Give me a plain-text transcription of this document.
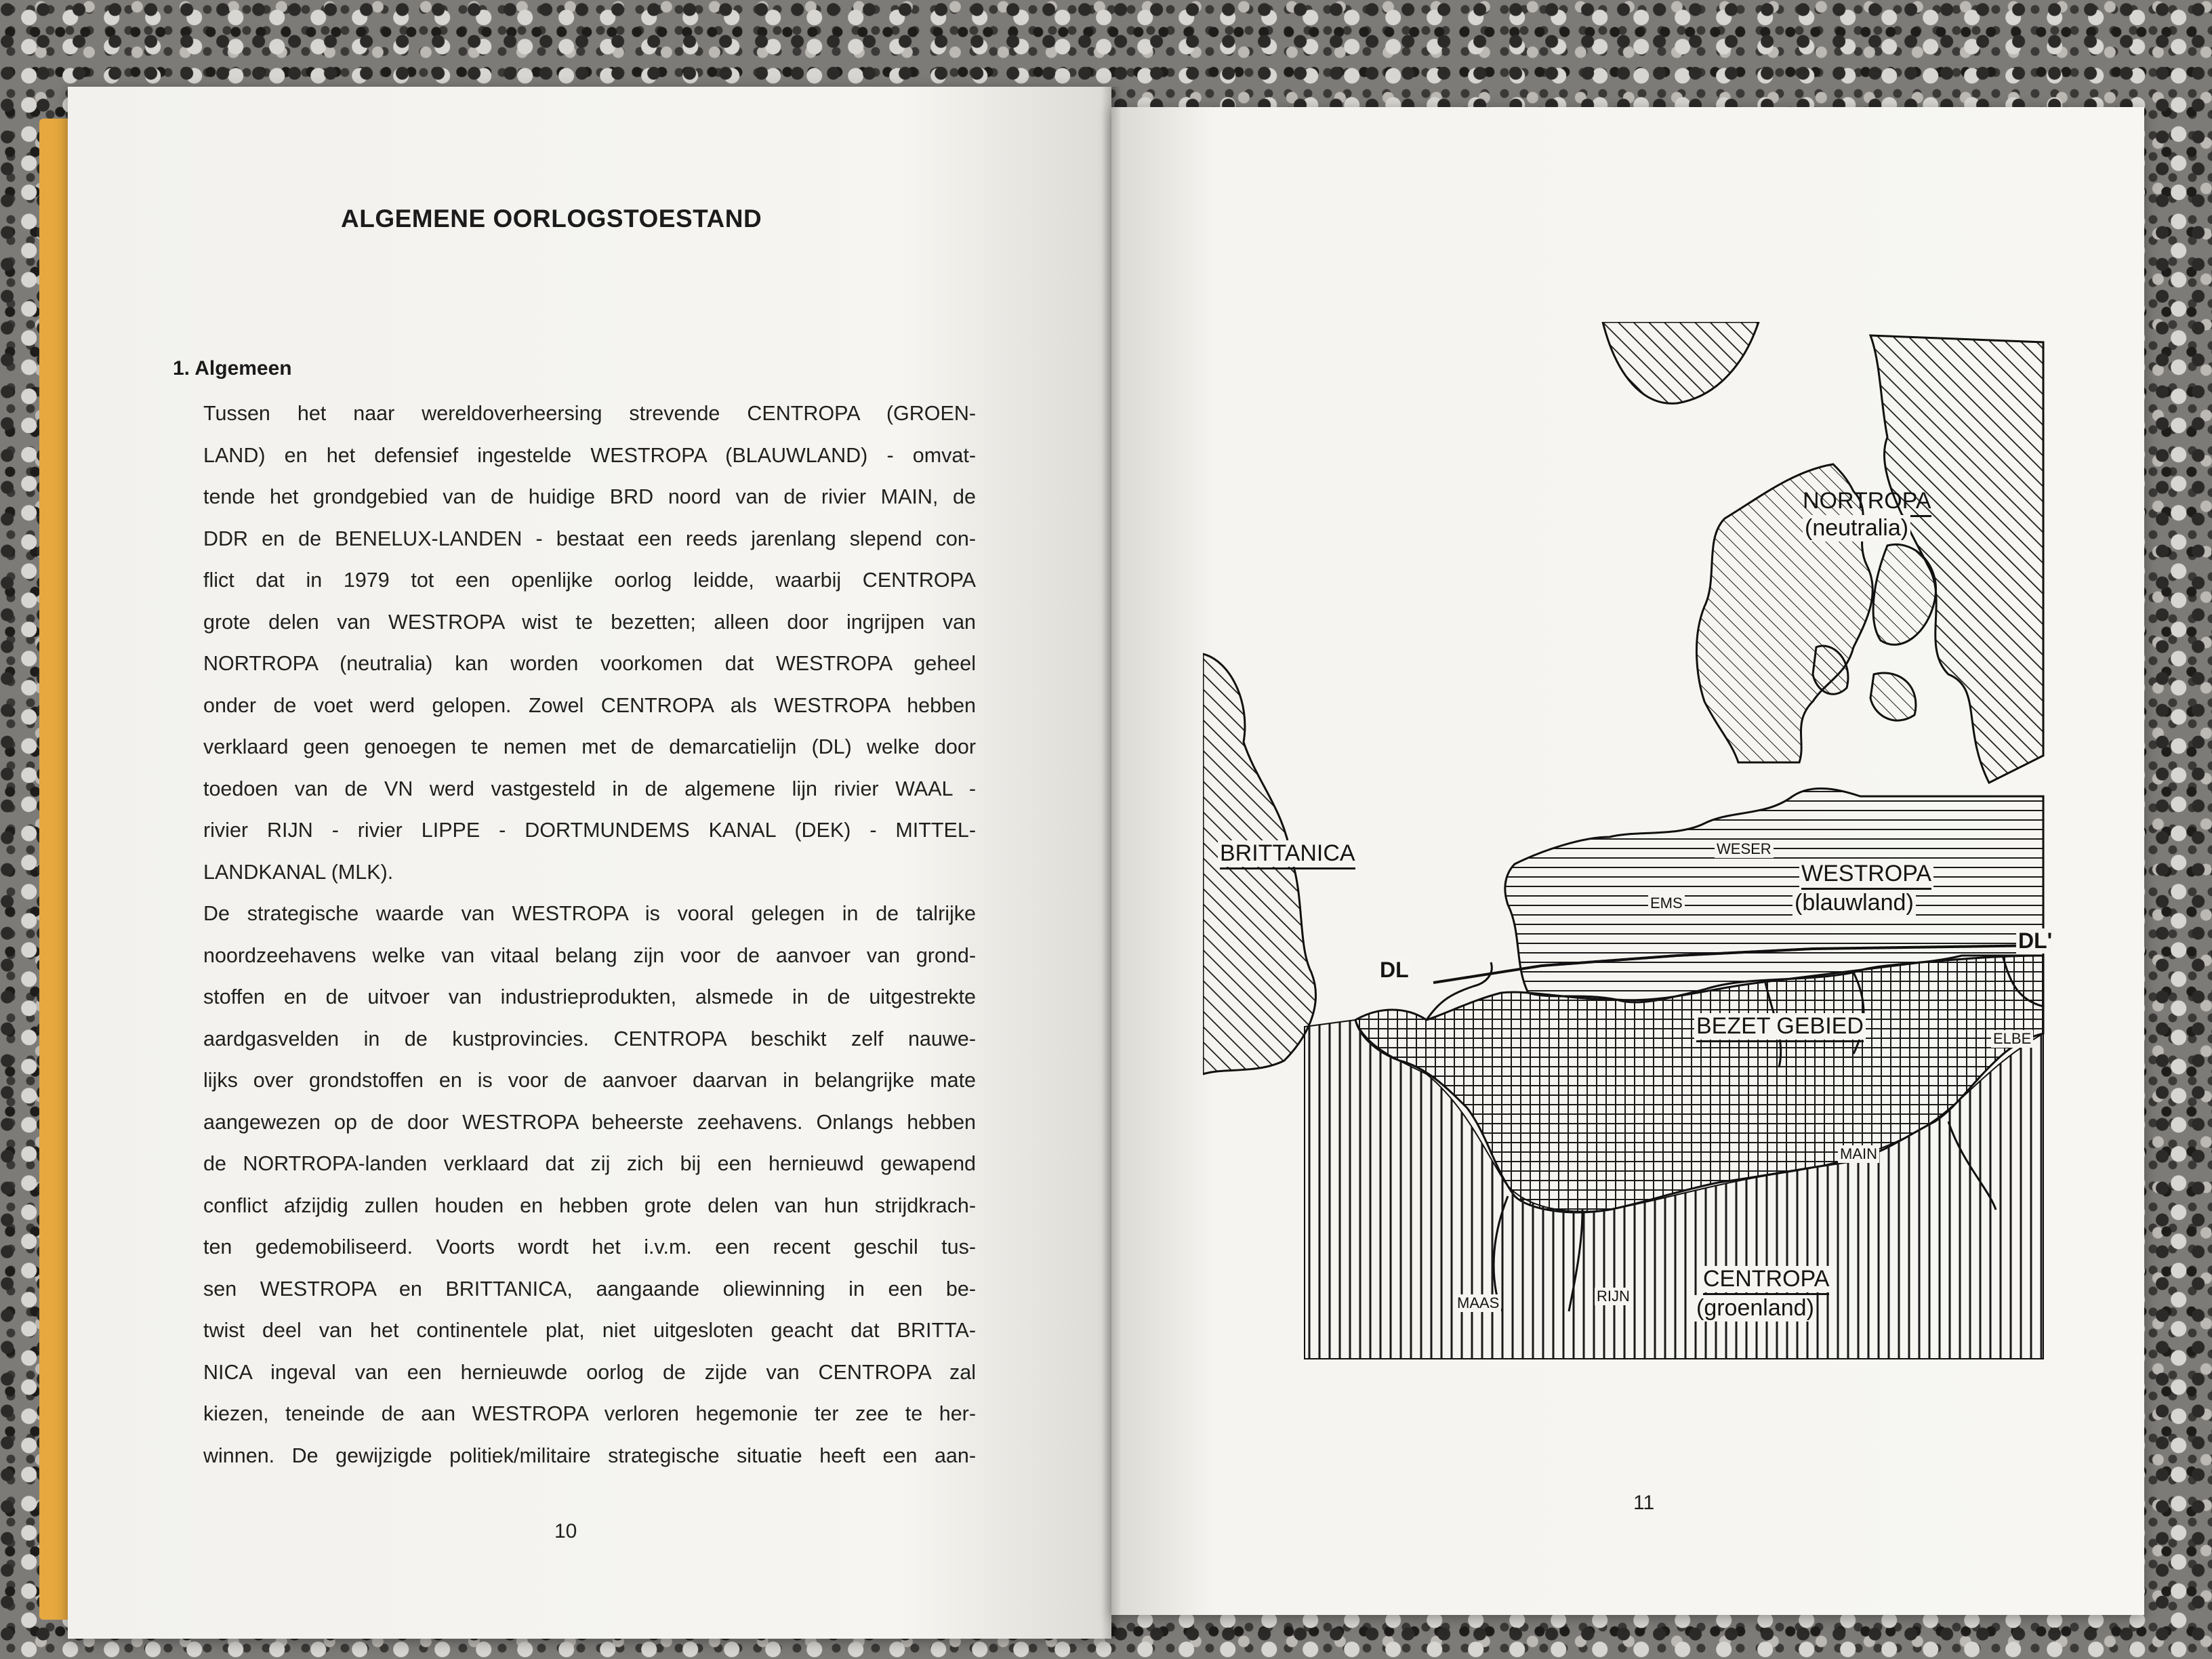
ALGEMENE OORLOGSTOESTAND
1. Algemeen
Tussen het naar wereldoverheersing strevende CENTROPA (GROEN-
LAND) en het defensief ingestelde WESTROPA (BLAUWLAND) - omvat-
tende het grondgebied van de huidige BRD noord van de rivier MAIN, de
DDR en de BENELUX-LANDEN - bestaat een reeds jarenlang slepend con-
flict dat in 1979 tot een openlijke oorlog leidde, waarbij CENTROPA
grote delen van WESTROPA wist te bezetten; alleen door ingrijpen van
NORTROPA (neutralia) kan worden voorkomen dat WESTROPA geheel
onder de voet werd gelopen. Zowel CENTROPA als WESTROPA hebben
verklaard geen genoegen te nemen met de demarcatielijn (DL) welke door
toedoen van de VN werd vastgesteld in de algemene lijn rivier WAAL -
rivier RIJN - rivier LIPPE - DORTMUNDEMS KANAL (DEK) - MITTEL-
LANDKANAL (MLK).
De strategische waarde van WESTROPA is vooral gelegen in de talrijke
noordzeehavens welke van vitaal belang zijn voor de aanvoer van grond-
stoffen en de uitvoer van industrieprodukten, alsmede in de uitgestrekte
aardgasvelden in de kustprovincies. CENTROPA beschikt zelf nauwe-
lijks over grondstoffen en is voor de aanvoer daarvan in belangrijke mate
aangewezen op de door WESTROPA beheerste zeehavens. Onlangs hebben
de NORTROPA-landen verklaard dat zij zich bij een hernieuwd gewapend
conflict afzijdig zullen houden en hebben grote delen van hun strijdkrach-
ten gedemobiliseerd. Voorts wordt het i.v.m. een recent geschil tus-
sen WESTROPA en BRITTANICA, aangaande oliewinning in een be-
twist deel van het continentele plat, niet uitgesloten geacht dat BRITTA-
NICA ingeval van een hernieuwde oorlog de zijde van CENTROPA zal
kiezen, teneinde de aan WESTROPA verloren hegemonie ter zee te her-
winnen. De gewijzigde politiek/militaire strategische situatie heeft een aan-
10
11
NORTROPA
(neutralia)
BRITTANICA	WESER
EMS
WESTROPA
(blauwland)
DL
DL'
BEZET GEBIED	ELBE
MAIN
MAAS	RIJN
CENTROPA
(groenland)
